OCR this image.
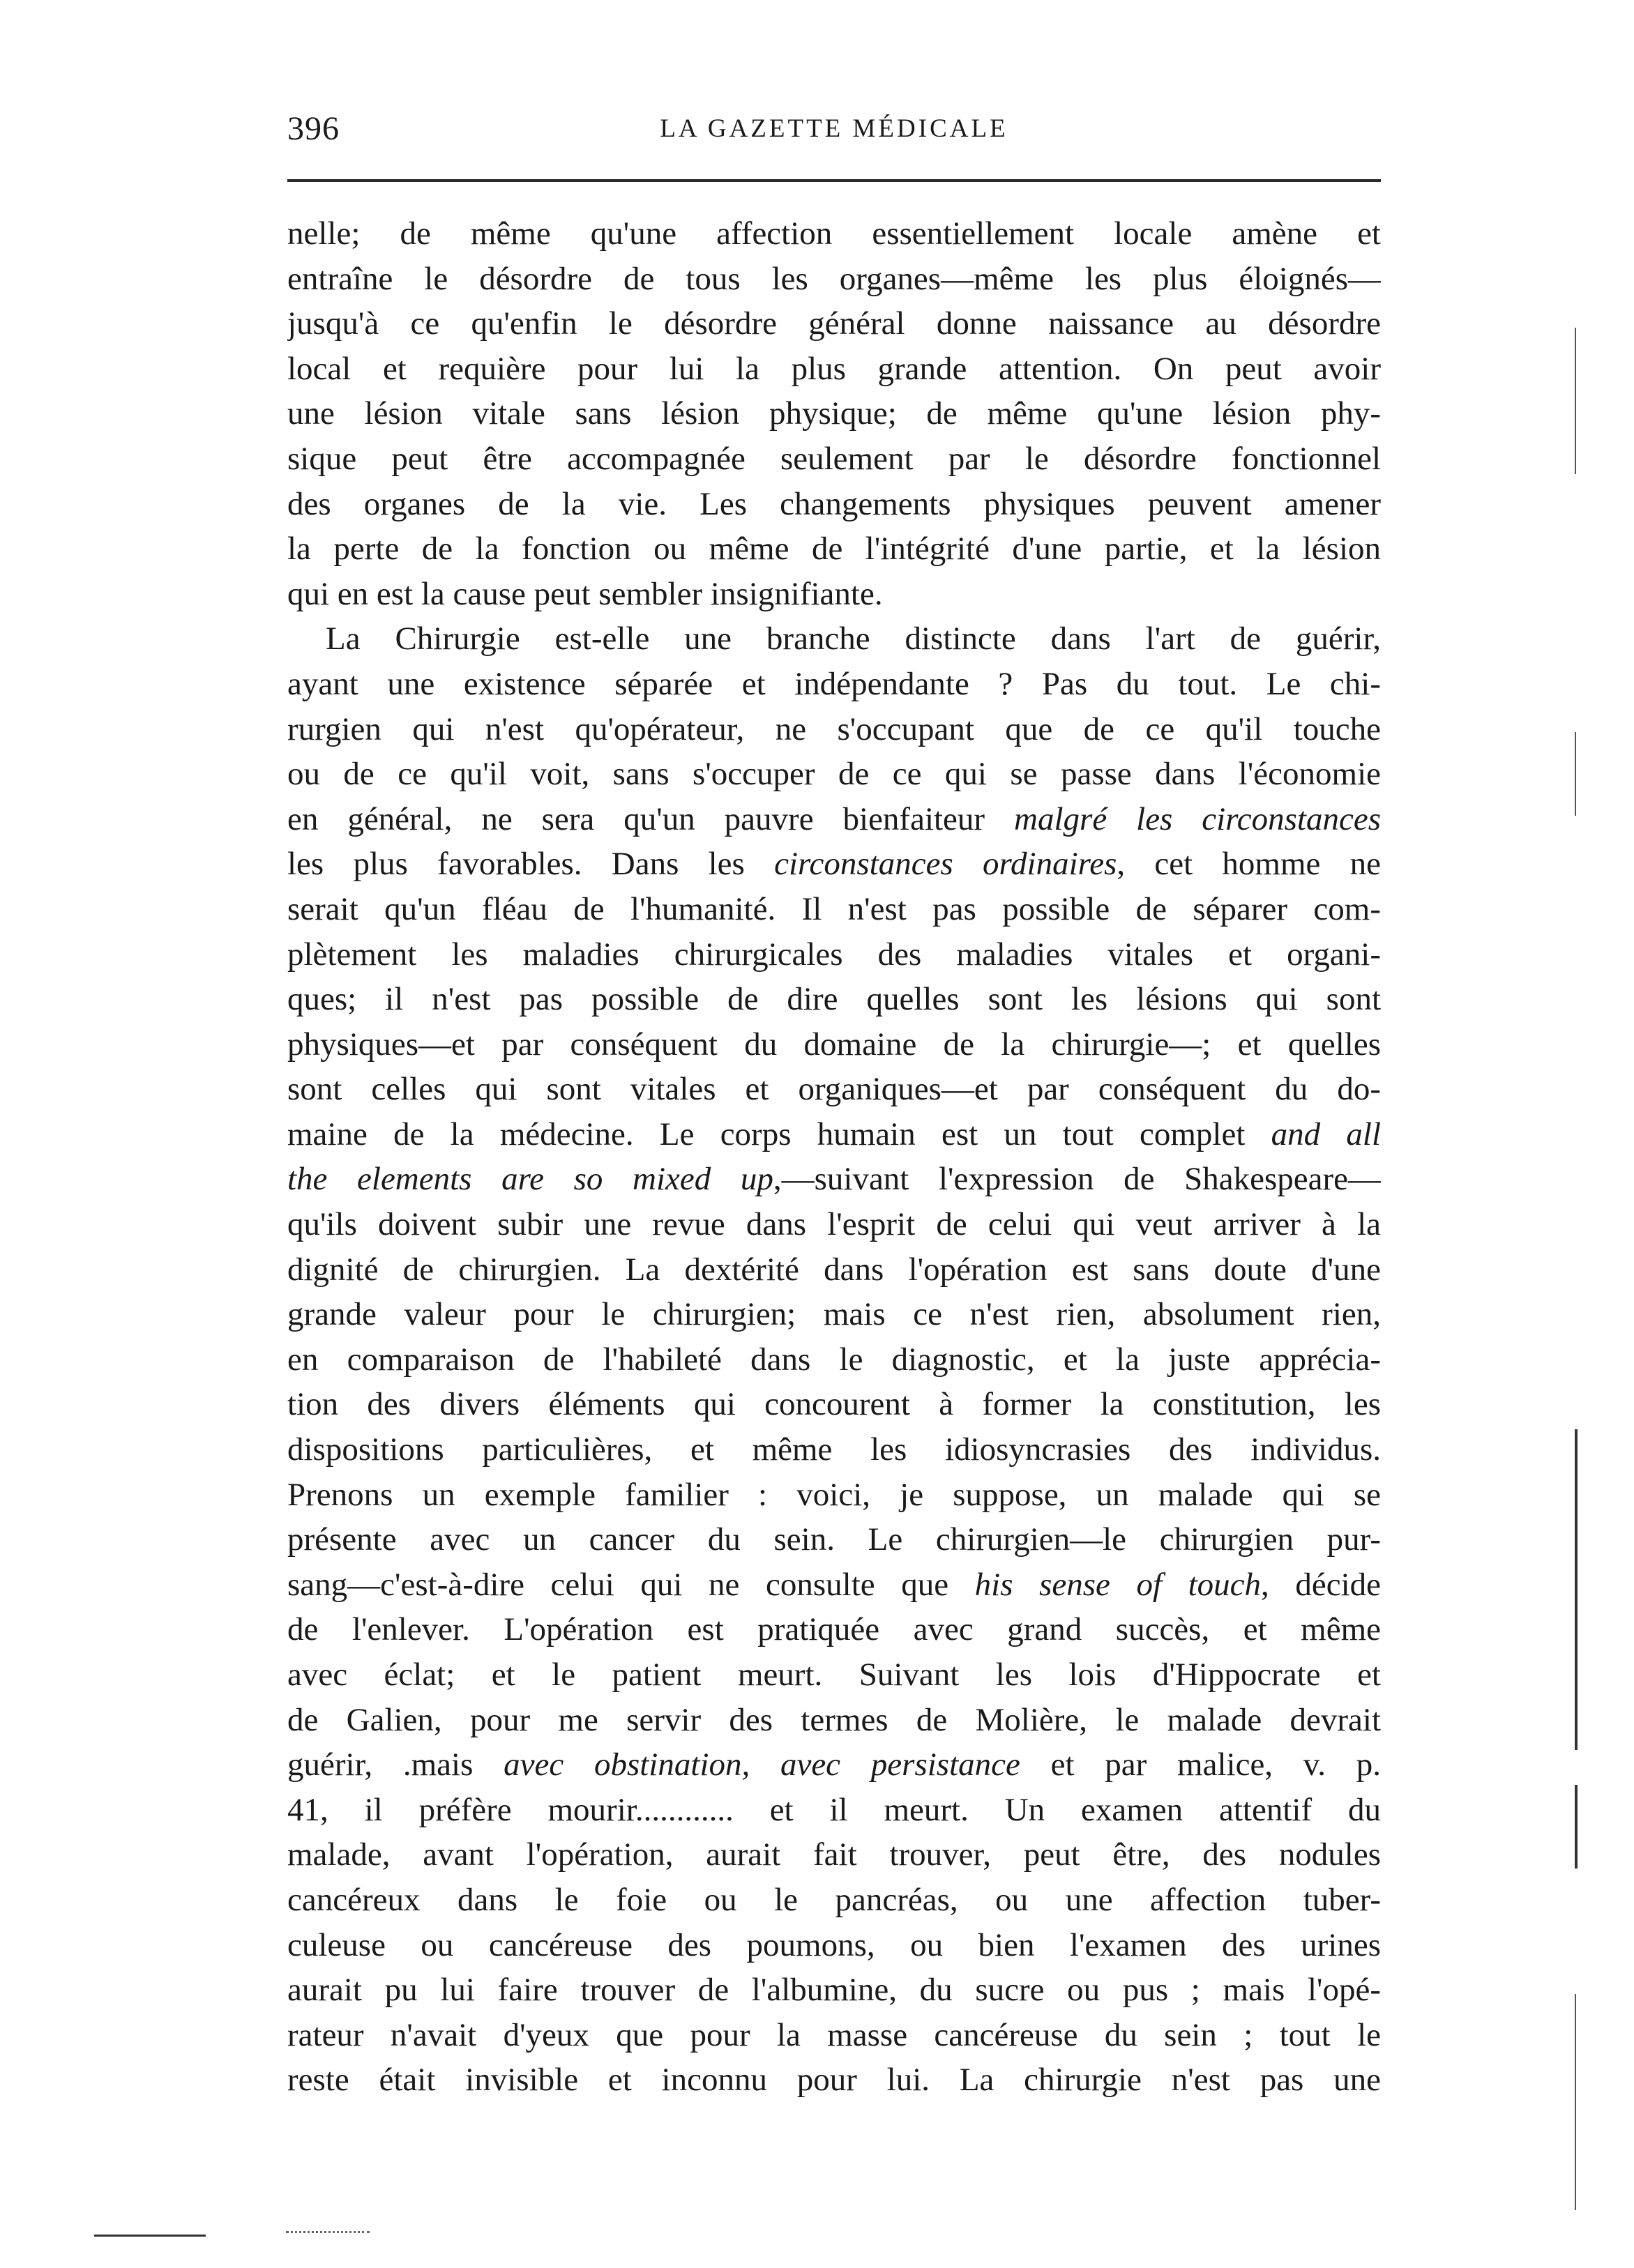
396	LA GAZETTE MÉDICALE
nelle; de même qu'une affection essentiellement locale amène et
entraîne le désordre de tous les organes—même les plus éloignés—
jusqu'à ce qu'enfin le désordre général donne naissance au désordre
local et requière pour lui la plus grande attention. On peut avoir
une lésion vitale sans lésion physique; de même qu'une lésion phy-
sique peut être accompagnée seulement par le désordre fonctionnel
des organes de la vie. Les changements physiques peuvent amener
la perte de la fonction ou même de l'intégrité d'une partie, et la lésion
qui en est la cause peut sembler insignifiante.
La Chirurgie est-elle une branche distincte dans l'art de guérir,
ayant une existence séparée et indépendante ? Pas du tout. Le chi-
rurgien qui n'est qu'opérateur, ne s'occupant que de ce qu'il touche
ou de ce qu'il voit, sans s'occuper de ce qui se passe dans l'économie
en général, ne sera qu'un pauvre bienfaiteur malgré les circonstances
les plus favorables. Dans les circonstances ordinaires, cet homme ne
serait qu'un fléau de l'humanité. Il n'est pas possible de séparer com-
plètement les maladies chirurgicales des maladies vitales et organi-
ques; il n'est pas possible de dire quelles sont les lésions qui sont
physiques—et par conséquent du domaine de la chirurgie—; et quelles
sont celles qui sont vitales et organiques—et par conséquent du do-
maine de la médecine. Le corps humain est un tout complet and all
the elements are so mixed up,—suivant l'expression de Shakespeare—
qu'ils doivent subir une revue dans l'esprit de celui qui veut arriver à la
dignité de chirurgien. La dextérité dans l'opération est sans doute d'une
grande valeur pour le chirurgien; mais ce n'est rien, absolument rien,
en comparaison de l'habileté dans le diagnostic, et la juste apprécia-
tion des divers éléments qui concourent à former la constitution, les
dispositions particulières, et même les idiosyncrasies des individus.
Prenons un exemple familier : voici, je suppose, un malade qui se
présente avec un cancer du sein. Le chirurgien—le chirurgien pur-
sang—c'est-à-dire celui qui ne consulte que his sense of touch, décide
de l'enlever. L'opération est pratiquée avec grand succès, et même
avec éclat; et le patient meurt. Suivant les lois d'Hippocrate et
de Galien, pour me servir des termes de Molière, le malade devrait
guérir, .mais avec obstination, avec persistance et par malice, v. p.
41, il préfère mourir............ et il meurt. Un examen attentif du
malade, avant l'opération, aurait fait trouver, peut être, des nodules
cancéreux dans le foie ou le pancréas, ou une affection tuber-
culeuse ou cancéreuse des poumons, ou bien l'examen des urines
aurait pu lui faire trouver de l'albumine, du sucre ou pus ; mais l'opé-
rateur n'avait d'yeux que pour la masse cancéreuse du sein ; tout le
reste était invisible et inconnu pour lui. La chirurgie n'est pas une
